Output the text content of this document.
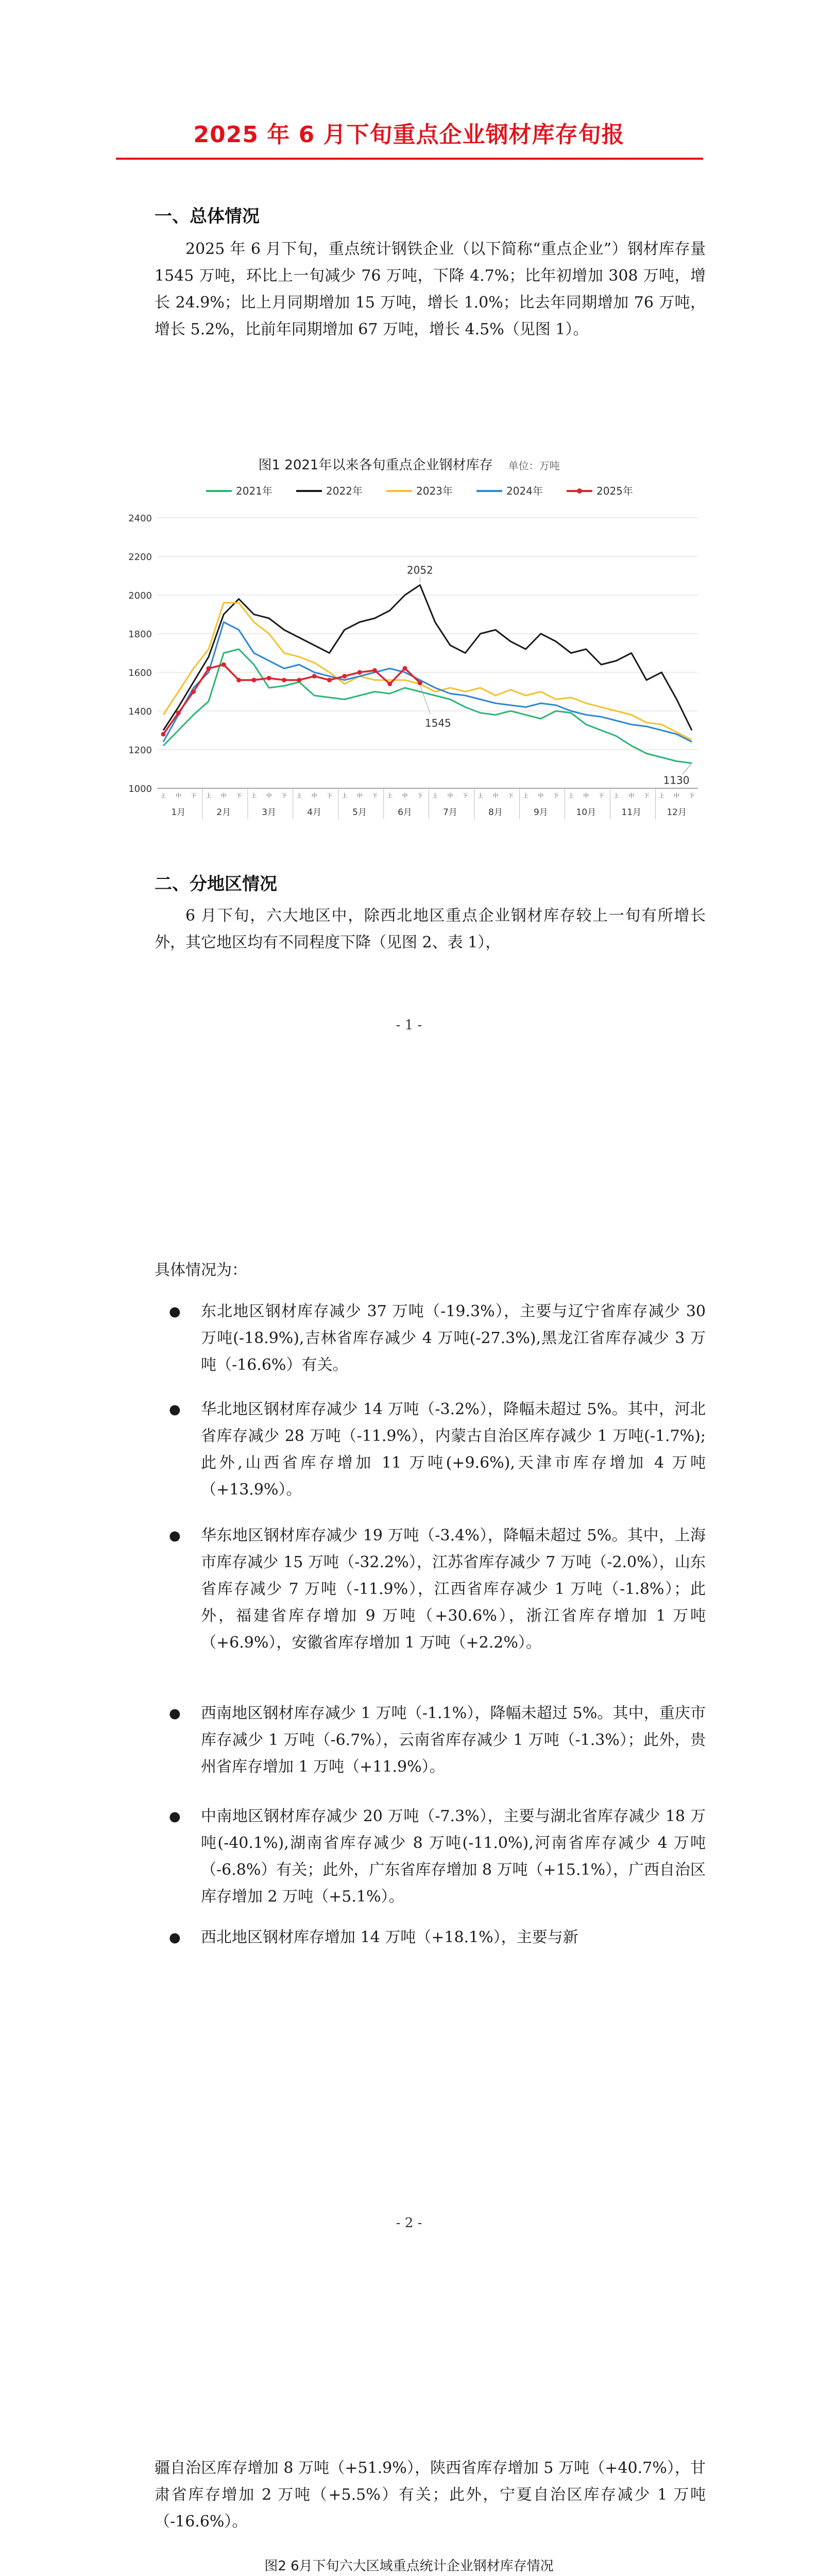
2025 年 6 月下旬重点企业钢材库存旬报
一、总体情况
2025 年 6 月下旬，重点统计钢铁企业（以下简称“重点企业”）钢材库存量 1545 万吨，环比上一旬减少 76 万吨，下降 4.7%；比年初增加 308 万吨，增长 24.9%；比上月同期增加 15 万吨，增长 1.0%；比去年同期增加 76 万吨，增长 5.2%，比前年同期增加 67 万吨，增长 4.5%（见图 1）。
图1 2021年以来各旬重点企业钢材库存 单位：万吨
2021年	2022年	2023年	2024年	2025年
1000
1200
1400
1600
1800
2000
2200
2400
上 中 下 上 中 下 上 中 下 上 中 下 上 中 下 上 中 下 上 中 下 上 中 下 上 中 下 上 中 下 上 中 下 上 中 下
1月	2月	3月	4月	5月	6月	7月	8月	9月	10月	11月	12月
2052
1545
1130
二、分地区情况
6 月下旬，六大地区中，除西北地区重点企业钢材库存较上一旬有所增长外，其它地区均有不同程度下降（见图 2、表 1），
- 1 -
具体情况为：
● 东北地区钢材库存减少 37 万吨（-19.3%），主要与辽宁省库存减少 30 万吨(-18.9%),吉林省库存减少 4 万吨(-27.3%),黑龙江省库存减少 3 万吨（-16.6%）有关。
● 华北地区钢材库存减少 14 万吨（-3.2%），降幅未超过 5%。其中，河北省库存减少 28 万吨（-11.9%），内蒙古自治区库存减少 1 万吨(-1.7%);此外,山西省库存增加 11 万吨(+9.6%),天津市库存增加 4 万吨（+13.9%）。
● 华东地区钢材库存减少 19 万吨（-3.4%），降幅未超过 5%。其中，上海市库存减少 15 万吨（-32.2%），江苏省库存减少 7 万吨（-2.0%），山东省库存减少 7 万吨（-11.9%），江西省库存减少 1 万吨（-1.8%）；此外，福建省库存增加 9 万吨（+30.6%），浙江省库存增加 1 万吨（+6.9%），安徽省库存增加 1 万吨（+2.2%）。
● 西南地区钢材库存减少 1 万吨（-1.1%），降幅未超过 5%。其中，重庆市库存减少 1 万吨（-6.7%），云南省库存减少 1 万吨（-1.3%）；此外，贵州省库存增加 1 万吨（+11.9%）。
● 中南地区钢材库存减少 20 万吨（-7.3%），主要与湖北省库存减少 18 万吨(-40.1%),湖南省库存减少 8 万吨(-11.0%),河南省库存减少 4 万吨（-6.8%）有关；此外，广东省库存增加 8 万吨（+15.1%），广西自治区库存增加 2 万吨（+5.1%）。
● 西北地区钢材库存增加 14 万吨（+18.1%），主要与新
- 2 -
疆自治区库存增加 8 万吨（+51.9%），陕西省库存增加 5 万吨（+40.7%），甘肃省库存增加 2 万吨（+5.5%）有关；此外，宁夏自治区库存减少 1 万吨（-16.6%）。
图2 6月下旬六大区域重点统计企业钢材库存情况
